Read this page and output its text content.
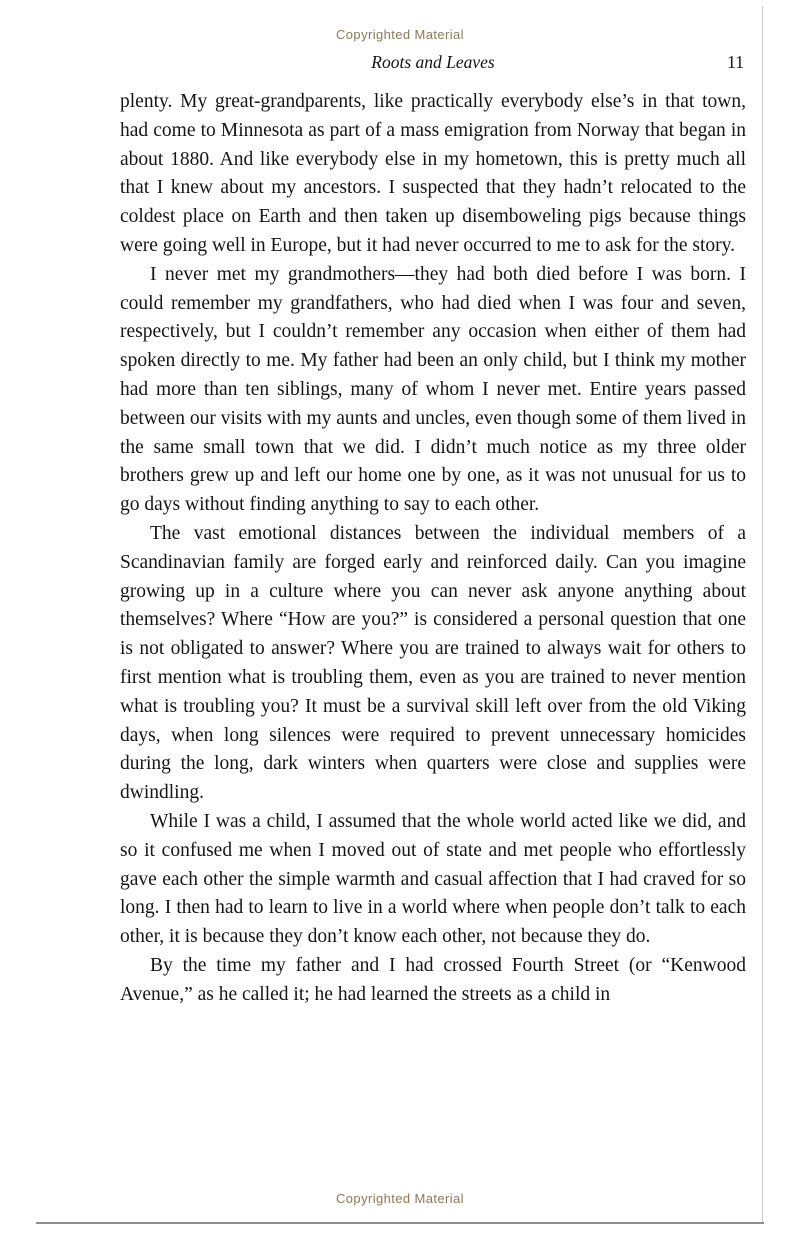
Copyrighted Material
Roots and Leaves	11

plenty. My great-grandparents, like practically everybody else’s in that town, had come to Minnesota as part of a mass emigration from Norway that began in about 1880. And like everybody else in my hometown, this is pretty much all that I knew about my ancestors. I suspected that they hadn’t relocated to the coldest place on Earth and then taken up disemboweling pigs because things were going well in Europe, but it had never occurred to me to ask for the story.

I never met my grandmothers—they had both died before I was born. I could remember my grandfathers, who had died when I was four and seven, respectively, but I couldn’t remember any occasion when either of them had spoken directly to me. My father had been an only child, but I think my mother had more than ten siblings, many of whom I never met. Entire years passed between our visits with my aunts and uncles, even though some of them lived in the same small town that we did. I didn’t much notice as my three older brothers grew up and left our home one by one, as it was not unusual for us to go days without finding anything to say to each other.

The vast emotional distances between the individual members of a Scandinavian family are forged early and reinforced daily. Can you imagine growing up in a culture where you can never ask anyone anything about themselves? Where “How are you?” is considered a personal question that one is not obligated to answer? Where you are trained to always wait for others to first mention what is troubling them, even as you are trained to never mention what is troubling you? It must be a survival skill left over from the old Viking days, when long silences were required to prevent unnecessary homicides during the long, dark winters when quarters were close and supplies were dwindling.

While I was a child, I assumed that the whole world acted like we did, and so it confused me when I moved out of state and met people who effortlessly gave each other the simple warmth and casual affection that I had craved for so long. I then had to learn to live in a world where when people don’t talk to each other, it is because they don’t know each other, not because they do.

By the time my father and I had crossed Fourth Street (or “Kenwood Avenue,” as he called it; he had learned the streets as a child in

Copyrighted Material
